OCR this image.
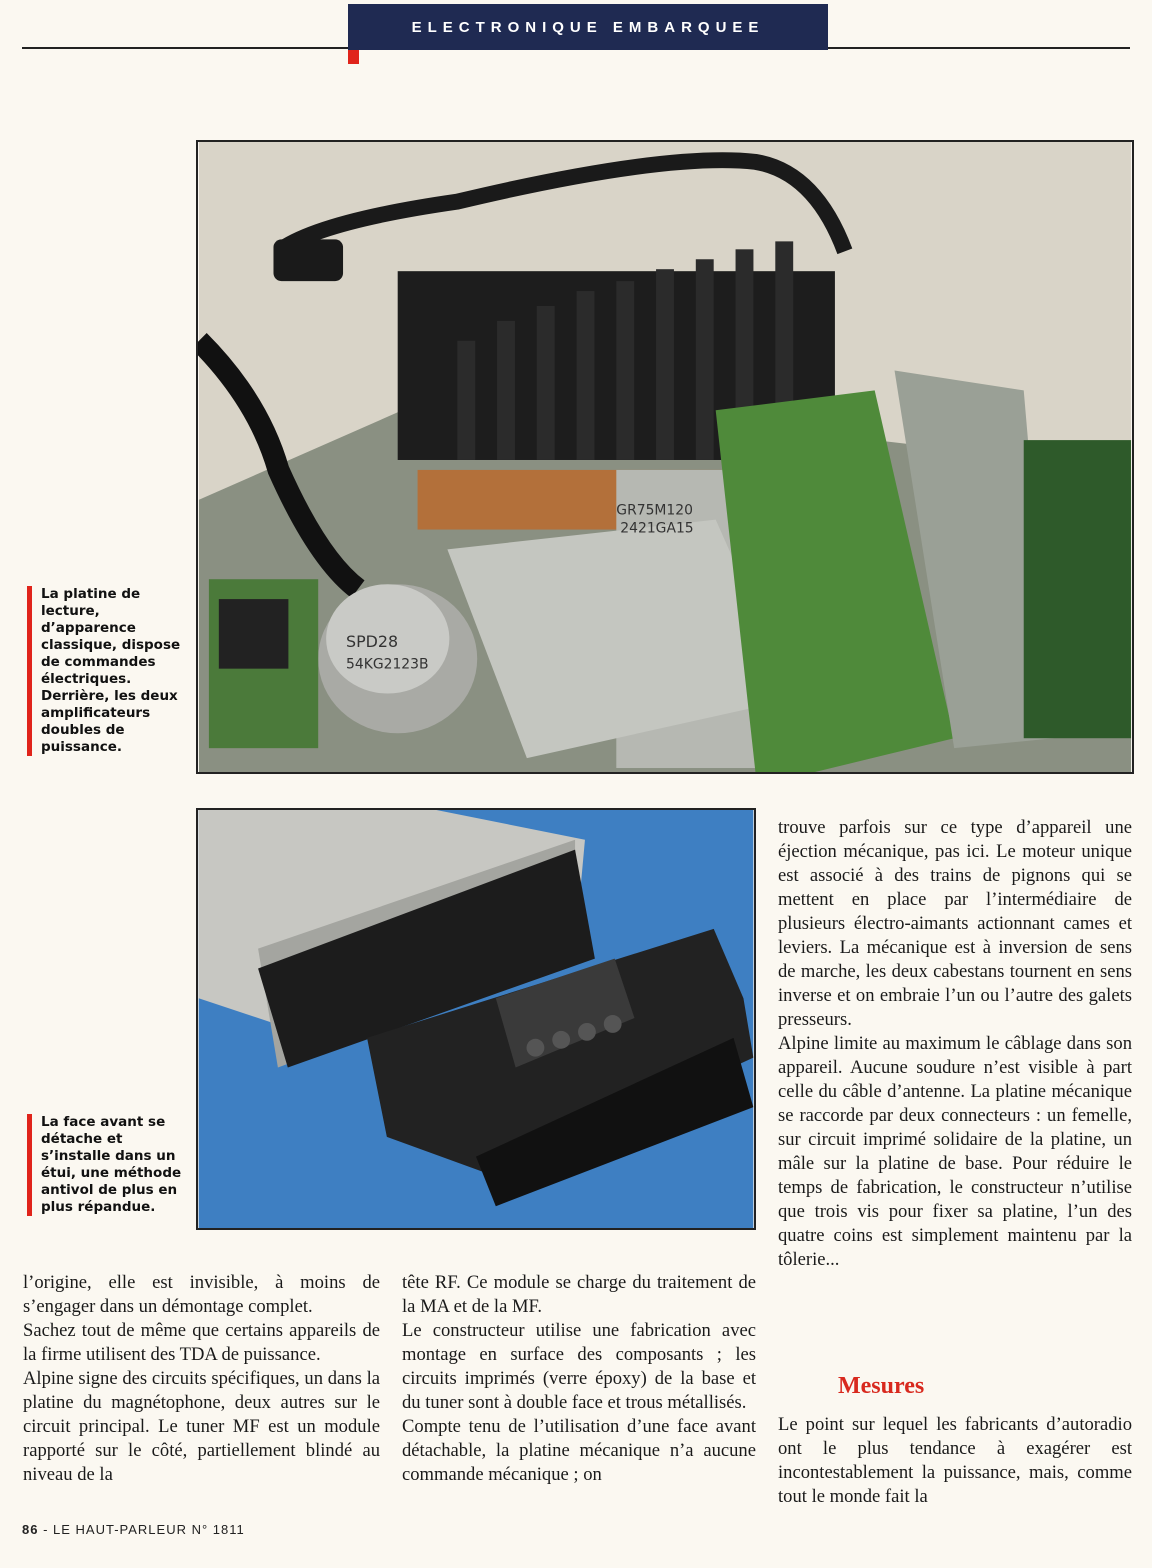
ELECTRONIQUE EMBARQUEE
SPD28
54KG2123B
GR75M120
2421GA15
La platine de lecture, d’apparence classique, dispose de commandes électriques. Derrière, les deux amplificateurs doubles de puissance.
La face avant se détache et s’installe dans un étui, une méthode antivol de plus en plus répandue.

l’origine, elle est invisible, à moins de s’engager dans un démontage complet.

Sachez tout de même que certains appareils de la firme utilisent des TDA de puissance.

Alpine signe des circuits spécifiques, un dans la platine du magnétophone, deux autres sur le circuit principal. Le tuner MF est un module rapporté sur le côté, partiellement blindé au niveau de la

tête RF. Ce module se charge du traitement de la MA et de la MF.

Le constructeur utilise une fabrication avec montage en surface des composants ; les circuits imprimés (verre époxy) de la base et du tuner sont à double face et trous métallisés.

Compte tenu de l’utilisation d’une face avant détachable, la platine mécanique n’a aucune commande mécanique ; on

trouve parfois sur ce type d’appareil une éjection mécanique, pas ici. Le moteur unique est associé à des trains de pignons qui se mettent en place par l’intermédiaire de plusieurs électro-aimants actionnant cames et leviers. La mécanique est à inversion de sens de marche, les deux cabestans tournent en sens inverse et on embraie l’un ou l’autre des galets presseurs.

Alpine limite au maximum le câblage dans son appareil. Aucune soudure n’est visible à part celle du câble d’antenne. La platine mécanique se raccorde par deux connecteurs : un femelle, sur circuit imprimé solidaire de la platine, un mâle sur la platine de base. Pour réduire le temps de fabrication, le constructeur n’utilise que trois vis pour fixer sa platine, l’un des quatre coins est simplement maintenu par la tôlerie...

Mesures

Le point sur lequel les fabricants d’autoradio ont le plus tendance à exagérer est incontestablement la puissance, mais, comme tout le monde fait la

86 - LE HAUT-PARLEUR N° 1811
